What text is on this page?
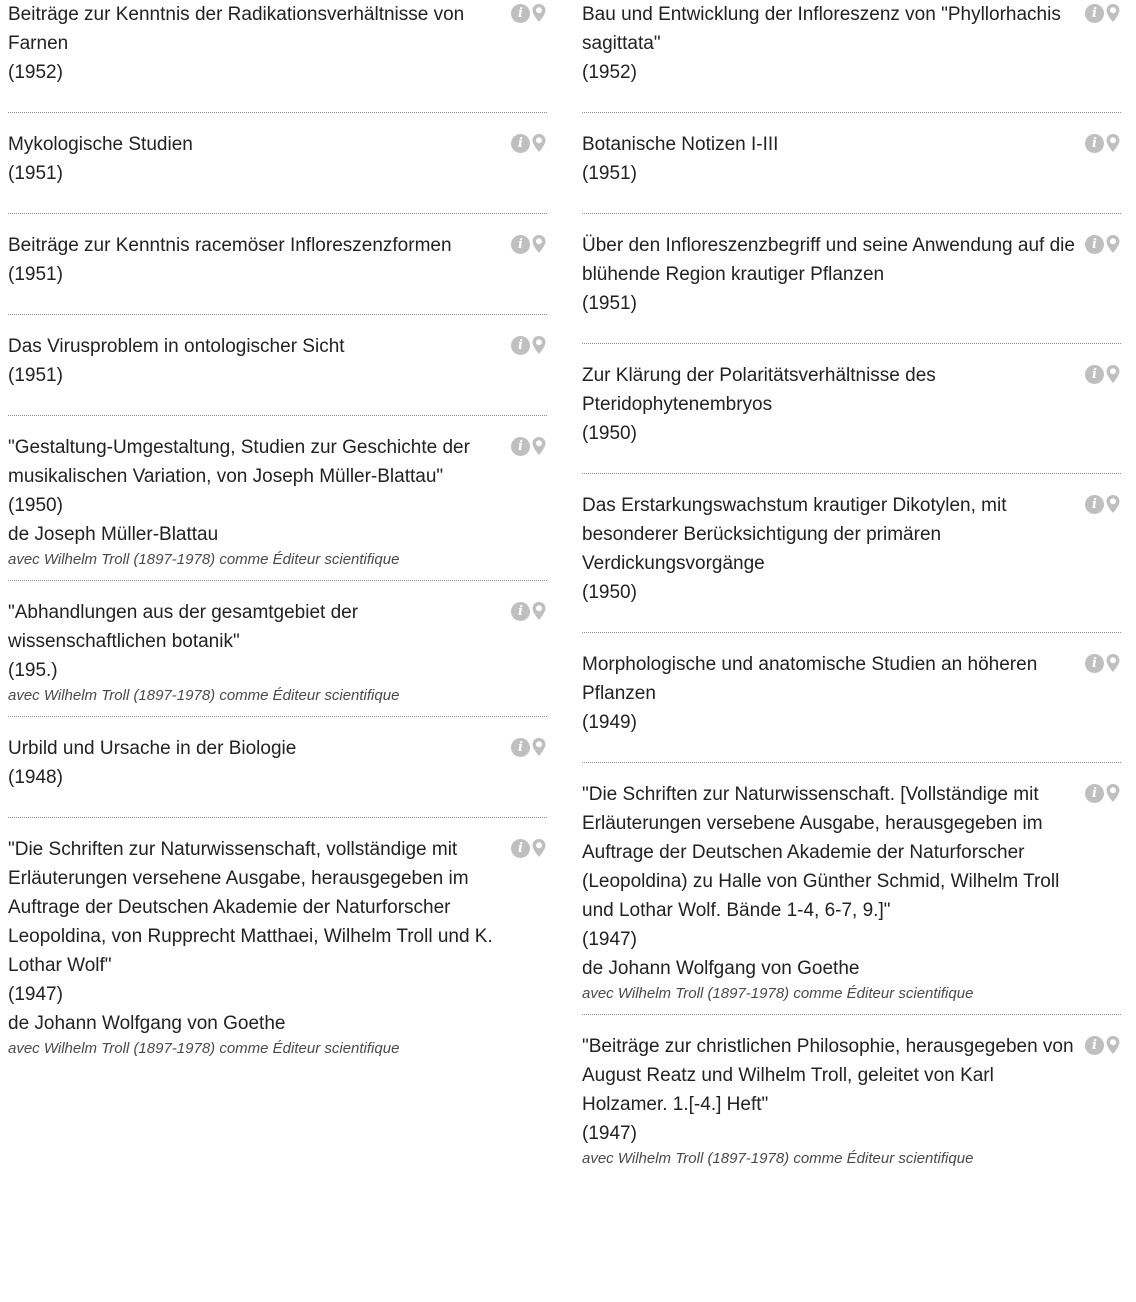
Beiträge zur Kenntnis der Radikationsverhältnisse von Farnen
(1952)
i
Mykologische Studien
(1951)
i
Beiträge zur Kenntnis racemöser Infloreszenzformen
(1951)
i
Das Virusproblem in ontologischer Sicht
(1951)
i
"Gestaltung-Umgestaltung, Studien zur Geschichte der musikalischen Variation, von Joseph Müller-Blattau"
(1950)
de Joseph Müller-Blattau
avec Wilhelm Troll (1897-1978) comme Éditeur scientifique
i
"Abhandlungen aus der gesamtgebiet der wissenschaftlichen botanik"
(195.)
avec Wilhelm Troll (1897-1978) comme Éditeur scientifique
i
Urbild und Ursache in der Biologie
(1948)
i
"Die Schriften zur Naturwissenschaft, vollständige mit Erläuterungen versehene Ausgabe, herausgegeben im Auftrage der Deutschen Akademie der Naturforscher Leopoldina, von Rupprecht Matthaei, Wilhelm Troll und K. Lothar Wolf"
(1947)
de Johann Wolfgang von Goethe
avec Wilhelm Troll (1897-1978) comme Éditeur scientifique
i
Bau und Entwicklung der Infloreszenz von "Phyllorhachis sagittata"
(1952)
i
Botanische Notizen I-III
(1951)
i
Über den Infloreszenzbegriff und seine Anwendung auf die blühende Region krautiger Pflanzen
(1951)
i
Zur Klärung der Polaritätsverhältnisse des Pteridophytenembryos
(1950)
i
Das Erstarkungswachstum krautiger Dikotylen, mit besonderer Berücksichtigung der primären Verdickungsvorgänge
(1950)
i
Morphologische und anatomische Studien an höheren Pflanzen
(1949)
i
"Die Schriften zur Naturwissenschaft. [Vollständige mit Erläuterungen versebene Ausgabe, herausgegeben im Auftrage der Deutschen Akademie der Naturforscher (Leopoldina) zu Halle von Günther Schmid, Wilhelm Troll und Lothar Wolf. Bände 1-4, 6-7, 9.]"
(1947)
de Johann Wolfgang von Goethe
avec Wilhelm Troll (1897-1978) comme Éditeur scientifique
i
"Beiträge zur christlichen Philosophie, herausgegeben von August Reatz und Wilhelm Troll, geleitet von Karl Holzamer. 1.[-4.] Heft"
(1947)
avec Wilhelm Troll (1897-1978) comme Éditeur scientifique
i
